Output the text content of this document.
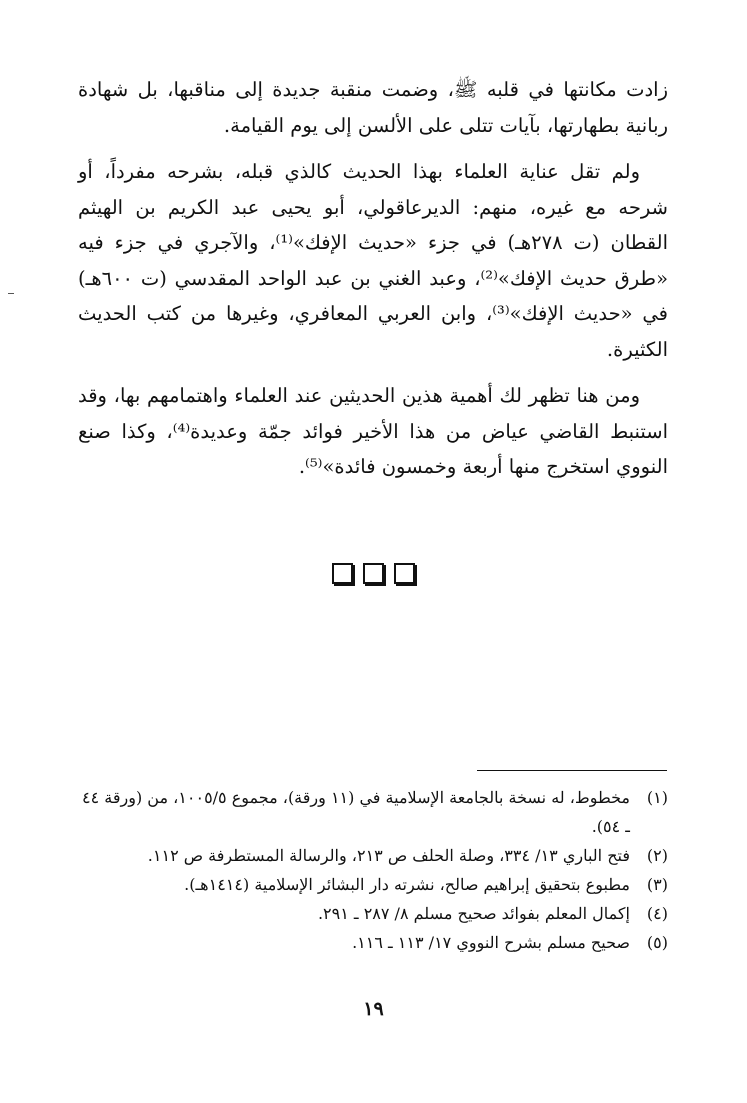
زادت مكانتها في قلبه ﷺ، وضمت منقبة جديدة إلى مناقبها، بل شهادة ربانية بطهارتها، بآيات تتلى على الألسن إلى يوم القيامة.

ولم تقل عناية العلماء بهذا الحديث كالذي قبله، بشرحه مفرداً، أو شرحه مع غيره، منهم: الديرعاقولي، أبو يحيى عبد الكريم بن الهيثم القطان (ت ٢٧٨هـ) في جزء «حديث الإفك»⁽¹⁾، والآجري في جزء فيه «طرق حديث الإفك»⁽²⁾، وعبد الغني بن عبد الواحد المقدسي (ت ٦٠٠هـ) في «حديث الإفك»⁽³⁾، وابن العربي المعافري، وغيرها من كتب الحديث الكثيرة.

ومن هنا تظهر لك أهمية هذين الحديثين عند العلماء واهتمامهم بها، وقد استنبط القاضي عياض من هذا الأخير فوائد جمّة وعديدة⁽⁴⁾، وكذا صنع النووي استخرج منها أربعة وخمسون فائدة»⁽⁵⁾.

(١)
مخطوط، له نسخة بالجامعة الإسلامية في (١١ ورقة)، مجموع ١٠٠٥/٥، من (ورقة ٤٤ ـ ٥٤).
(٢)
فتح الباري ١٣/ ٣٣٤، وصلة الحلف ص ٢١٣، والرسالة المستطرفة ص ١١٢.
(٣)
مطبوع بتحقيق إبراهيم صالح، نشرته دار البشائر الإسلامية (١٤١٤هـ).
(٤)
إكمال المعلم بفوائد صحيح مسلم ٨/ ٢٨٧ ـ ٢٩١.
(٥)
صحيح مسلم بشرح النووي ١٧/ ١١٣ ـ ١١٦.
١٩
